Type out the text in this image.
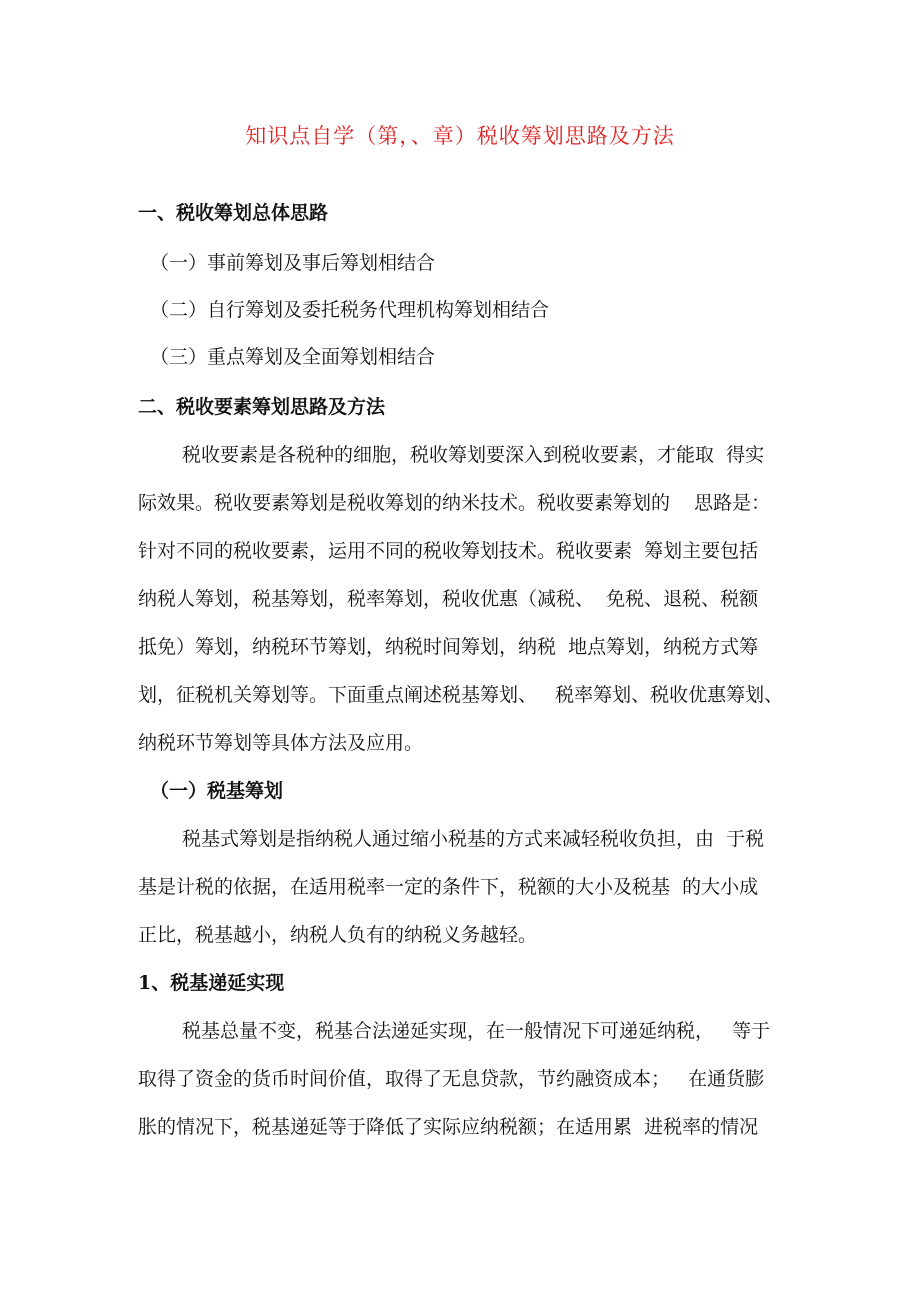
知识点自学（第，、章）税收筹划思路及方法
一、税收筹划总体思路
（一）事前筹划及事后筹划相结合
（二）自行筹划及委托税务代理机构筹划相结合
（三）重点筹划及全面筹划相结合
二、税收要素筹划思路及方法
税收要素是各税种的细胞，税收筹划要深入到税收要素，才能取  得实
际效果。税收要素筹划是税收筹划的纳米技术。税收要素筹划的    思路是：
针对不同的税收要素，运用不同的税收筹划技术。税收要素  筹划主要包括
纳税人筹划，税基筹划，税率筹划，税收优惠（减税、  免税、退税、税额
抵免）筹划，纳税环节筹划，纳税时间筹划，纳税  地点筹划，纳税方式筹
划，征税机关筹划等。下面重点阐述税基筹划、   税率筹划、税收优惠筹划、
纳税环节筹划等具体方法及应用。
（一）税基筹划
税基式筹划是指纳税人通过缩小税基的方式来减轻税收负担，由  于税
基是计税的依据，在适用税率一定的条件下，税额的大小及税基  的大小成
正比，税基越小，纳税人负有的纳税义务越轻。
1、税基递延实现
税基总量不变，税基合法递延实现，在一般情况下可递延纳税，   等于
取得了资金的货币时间价值，取得了无息贷款，节约融资成本；   在通货膨
胀的情况下，税基递延等于降低了实际应纳税额；在适用累  进税率的情况
